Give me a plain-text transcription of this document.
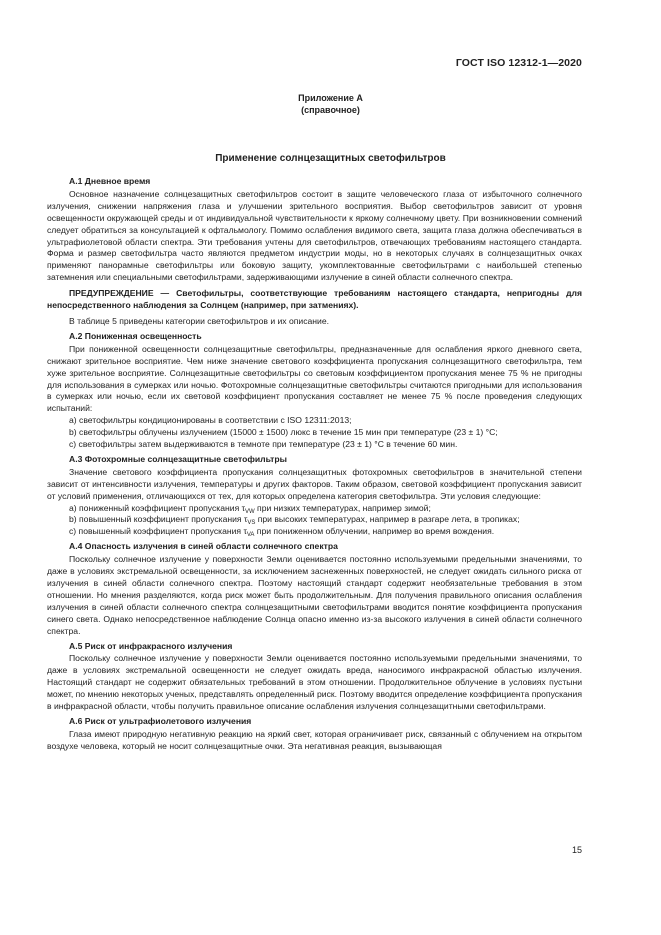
ГОСТ ISO 12312-1—2020
Приложение А
(справочное)
Применение солнцезащитных светофильтров
А.1 Дневное время

Основное назначение солнцезащитных светофильтров состоит в защите человеческого глаза от избыточного солнечного излучения, снижении напряжения глаза и улучшении зрительного восприятия. Выбор светофильтров зависит от уровня освещенности окружающей среды и от индивидуальной чувствительности к яркому солнечному цвету. При возникновении сомнений следует обратиться за консультацией к офтальмологу. Помимо ослабления видимого света, защита глаза должна обеспечиваться в ультрафиолетовой области спектра. Эти требования учтены для светофильтров, отвечающих требованиям настоящего стандарта. Форма и размер светофильтра часто являются предметом индустрии моды, но в некоторых случаях в солнцезащитных очках применяют панорамные светофильтры или боковую защиту, укомплектованные светофильтрами с наибольшей степенью затемнения или специальными светофильтрами, задерживающими излучение в синей области солнечного спектра.

ПРЕДУПРЕЖДЕНИЕ — Светофильтры, соответствующие требованиям настоящего стандарта, непригодны для непосредственного наблюдения за Солнцем (например, при затмениях).

В таблице 5 приведены категории светофильтров и их описание.

А.2 Пониженная освещенность

При пониженной освещенности солнцезащитные светофильтры, предназначенные для ослабления яркого дневного света, снижают зрительное восприятие. Чем ниже значение светового коэффициента пропускания солнцезащитного светофильтра, тем хуже зрительное восприятие. Солнцезащитные светофильтры со световым коэффициентом пропускания менее 75 % не пригодны для использования в сумерках или ночью. Фотохромные солнцезащитные светофильтры считаются пригодными для использования в сумерках или ночью, если их световой коэффициент пропускания составляет не менее 75 % после проведения следующих испытаний:

а) светофильтры кондиционированы в соответствии с ISO 12311:2013;

b) светофильтры облучены излучением (15000 ± 1500) люкс в течение 15 мин при температуре (23 ± 1) °С;

с) светофильтры затем выдерживаются в темноте при температуре (23 ± 1) °С в течение 60 мин.

А.3 Фотохромные солнцезащитные светофильтры

Значение светового коэффициента пропускания солнцезащитных фотохромных светофильтров в значительной степени зависит от интенсивности излучения, температуры и других факторов. Таким образом, световой коэффициент пропускания зависит от условий применения, отличающихся от тех, для которых определена категория светофильтра. Эти условия следующие:

а) пониженный коэффициент пропускания $\tau_{VW}$ при низких температурах, например зимой;

b) повышенный коэффициент пропускания $\tau_{VS}$ при высоких температурах, например в разгаре лета, в тропиках;

с) повышенный коэффициент пропускания $\tau_{VA}$ при пониженном облучении, например во время вождения.

А.4 Опасность излучения в синей области солнечного спектра

Поскольку солнечное излучение у поверхности Земли оценивается постоянно используемыми предельными значениями, то даже в условиях экстремальной освещенности, за исключением заснеженных поверхностей, не следует ожидать сильного риска от излучения в синей области солнечного спектра. Поэтому настоящий стандарт содержит необязательные требования в этом отношении. Но мнения разделяются, когда риск может быть продолжительным. Для получения правильного описания ослабления излучения в синей области солнечного спектра солнцезащитными светофильтрами вводится понятие коэффициента пропускания синего света. Однако непосредственное наблюдение Солнца опасно именно из-за высокого излучения в синей области солнечного спектра.

А.5 Риск от инфракрасного излучения

Поскольку солнечное излучение у поверхности Земли оценивается постоянно используемыми предельными значениями, то даже в условиях экстремальной освещенности не следует ожидать вреда, наносимого инфракрасной областью излучения. Настоящий стандарт не содержит обязательных требований в этом отношении. Продолжительное облучение в условиях пустыни может, по мнению некоторых ученых, представлять определенный риск. Поэтому вводится определение коэффициента пропускания в инфракрасной области, чтобы получить правильное описание ослабления излучения солнцезащитными светофильтрами.

А.6 Риск от ультрафиолетового излучения

Глаза имеют природную негативную реакцию на яркий свет, которая ограничивает риск, связанный с облучением на открытом воздухе человека, который не носит солнцезащитные очки. Эта негативная реакция, вызывающая

15
